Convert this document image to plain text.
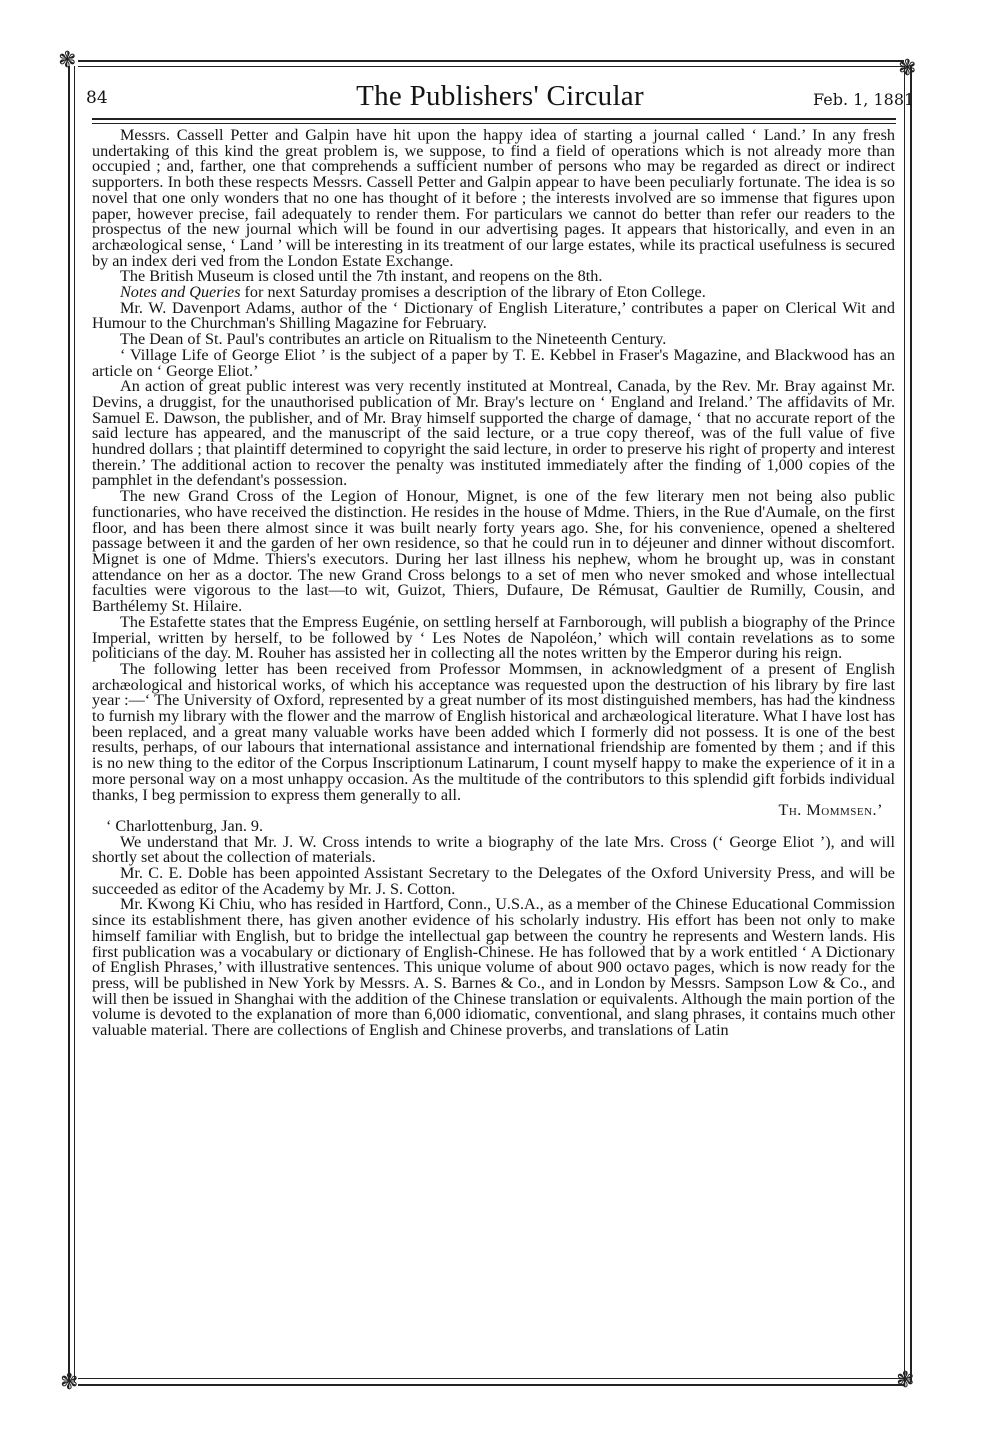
❃	❃
❃	❃
84	The Publishers' Circular	Feb. 1, 1881

Messrs. Cassell Petter and Galpin have hit upon the happy idea of starting a journal called ‘ Land.’ In any fresh undertaking of this kind the great problem is, we suppose, to find a field of operations which is not already more than occupied ; and, farther, one that comprehends a sufficient number of persons who may be regarded as direct or indirect supporters. In both these respects Messrs. Cassell Petter and Galpin appear to have been peculiarly fortunate. The idea is so novel that one only wonders that no one has thought of it before ; the interests involved are so immense that figures upon paper, however precise, fail adequately to render them. For particulars we cannot do better than refer our readers to the prospectus of the new journal which will be found in our advertising pages. It appears that historically, and even in an archæological sense, ‘ Land ’ will be interesting in its treatment of our large estates, while its practical usefulness is secured by an index deri ved from the London Estate Exchange.

The British Museum is closed until the 7th instant, and reopens on the 8th.

Notes and Queries for next Saturday promises a description of the library of Eton College.

Mr. W. Davenport Adams, author of the ‘ Dictionary of English Literature,’ contributes a paper on Clerical Wit and Humour to the Churchman's Shilling Magazine for February.

The Dean of St. Paul's contributes an article on Ritualism to the Nineteenth Century.

‘ Village Life of George Eliot ’ is the subject of a paper by T. E. Kebbel in Fraser's Magazine, and Blackwood has an article on ‘ George Eliot.’

An action of great public interest was very recently instituted at Montreal, Canada, by the Rev. Mr. Bray against Mr. Devins, a druggist, for the unauthorised publication of Mr. Bray's lecture on ‘ England and Ireland.’ The affidavits of Mr. Samuel E. Dawson, the publisher, and of Mr. Bray himself supported the charge of damage, ‘ that no accurate report of the said lecture has appeared, and the manuscript of the said lecture, or a true copy thereof, was of the full value of five hundred dollars ; that plaintiff determined to copyright the said lecture, in order to preserve his right of property and interest therein.’ The additional action to recover the penalty was instituted immediately after the finding of 1,000 copies of the pamphlet in the defendant's possession.

The new Grand Cross of the Legion of Honour, Mignet, is one of the few literary men not being also public functionaries, who have received the distinction. He resides in the house of Mdme. Thiers, in the Rue d'Aumale, on the first floor, and has been there almost since it was built nearly forty years ago. She, for his convenience, opened a sheltered passage between it and the garden of her own residence, so that he could run in to déjeuner and dinner without discomfort. Mignet is one of Mdme. Thiers's executors. During her last illness his nephew, whom he brought up, was in constant attendance on her as a doctor. The new Grand Cross belongs to a set of men who never smoked and whose intellectual faculties were vigorous to the last—to wit, Guizot, Thiers, Dufaure, De Rémusat, Gaultier de Rumilly, Cousin, and Barthélemy St. Hilaire.

The Estafette states that the Empress Eugénie, on settling herself at Farnborough, will publish a biography of the Prince Imperial, written by herself, to be followed by ‘ Les Notes de Napoléon,’ which will contain revelations as to some politicians of the day. M. Rouher has assisted her in collecting all the notes written by the Emperor during his reign.

The following letter has been received from Professor Mommsen, in acknowledgment of a present of English archæological and historical works, of which his acceptance was requested upon the destruction of his library by fire last year :—‘ The University of Oxford, represented by a great number of its most distinguished members, has had the kindness to furnish my library with the flower and the marrow of English historical and archæological literature. What I have lost has been replaced, and a great many valuable works have been added which I formerly did not possess. It is one of the best results, perhaps, of our labours that international assistance and international friendship are fomented by them ; and if this is no new thing to the editor of the Corpus Inscriptionum Latinarum, I count myself happy to make the experience of it in a more personal way on a most unhappy occasion. As the multitude of the contributors to this splendid gift forbids individual thanks, I beg permission to express them generally to all.
Th. Mommsen.’

‘ Charlottenburg, Jan. 9.

We understand that Mr. J. W. Cross intends to write a biography of the late Mrs. Cross (‘ George Eliot ’), and will shortly set about the collection of materials.

Mr. C. E. Doble has been appointed Assistant Secretary to the Delegates of the Oxford University Press, and will be succeeded as editor of the Academy by Mr. J. S. Cotton.

Mr. Kwong Ki Chiu, who has resided in Hartford, Conn., U.S.A., as a member of the Chinese Educational Commission since its establishment there, has given another evidence of his scholarly industry. His effort has been not only to make himself familiar with English, but to bridge the intellectual gap between the country he represents and Western lands. His first publication was a vocabulary or dictionary of English-Chinese. He has followed that by a work entitled ‘ A Dictionary of English Phrases,’ with illustrative sentences. This unique volume of about 900 octavo pages, which is now ready for the press, will be published in New York by Messrs. A. S. Barnes & Co., and in London by Messrs. Sampson Low & Co., and will then be issued in Shanghai with the addition of the Chinese translation or equivalents. Although the main portion of the volume is devoted to the explanation of more than 6,000 idiomatic, conventional, and slang phrases, it contains much other valuable material. There are collections of English and Chinese proverbs, and translations of Latin
